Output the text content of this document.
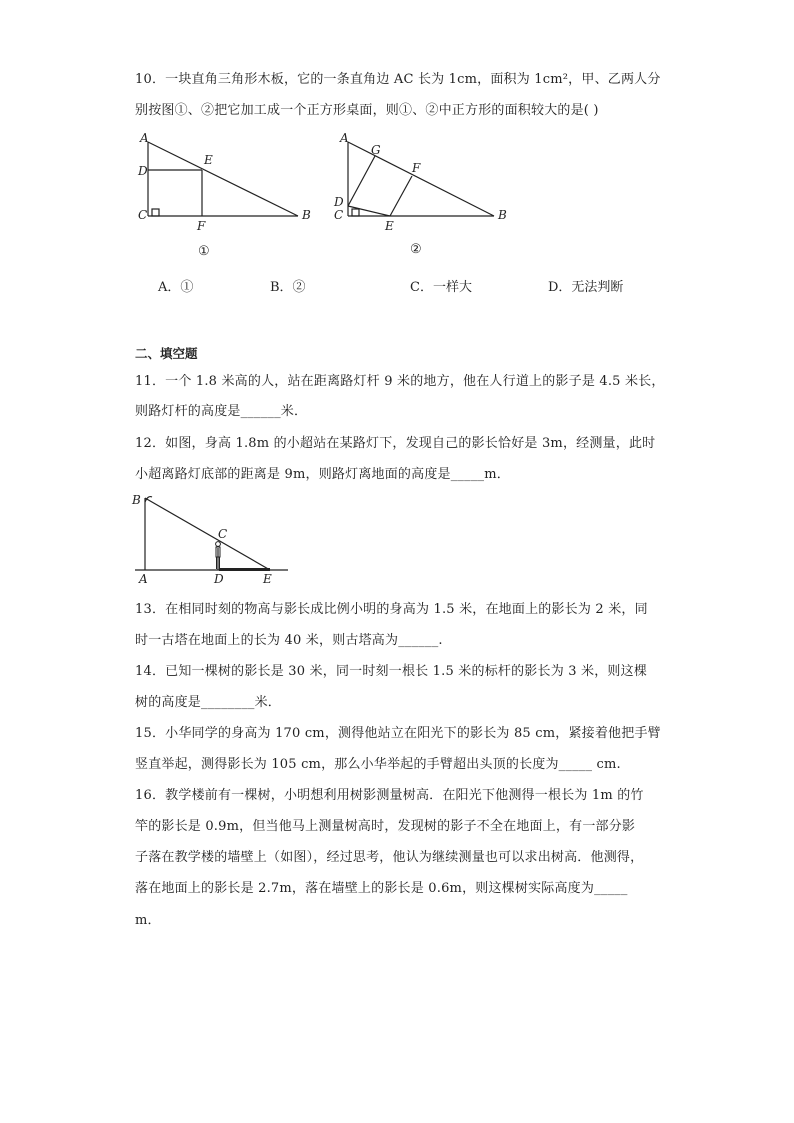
10．一块直角三角形木板，它的一条直角边 AC 长为 1cm，面积为 1cm²，甲、乙两人分
别按图①、②把它加工成一个正方形桌面，则①、②中正方形的面积较大的是( )
A
D
E
C
F
B
①
A
G
F
D
C
E
B
②
A．①	B．②	C．一样大	D．无法判断
二、填空题
11．一个 1.8 米高的人，站在距离路灯杆 9 米的地方，他在人行道上的影子是 4.5 米长，
则路灯杆的高度是______米．
12．如图，身高 1.8m 的小超站在某路灯下，发现自己的影长恰好是 3m，经测量，此时
小超离路灯底部的距离是 9m，则路灯离地面的高度是_____m．
B
C
A	D	E
13．在相同时刻的物高与影长成比例小明的身高为 1.5 米，在地面上的影长为 2 米，同
时一古塔在地面上的长为 40 米，则古塔高为______.
14．已知一棵树的影长是 30 米，同一时刻一根长 1.5 米的标杆的影长为 3 米，则这棵
树的高度是________米．
15．小华同学的身高为 170 cm，测得他站立在阳光下的影长为 85 cm，紧接着他把手臂
竖直举起，测得影长为 105 cm，那么小华举起的手臂超出头顶的长度为_____ cm.
16．教学楼前有一棵树，小明想利用树影测量树高．在阳光下他测得一根长为 1m 的竹
竿的影长是 0.9m，但当他马上测量树高时，发现树的影子不全在地面上，有一部分影
子落在教学楼的墙壁上（如图），经过思考，他认为继续测量也可以求出树高．他测得，
落在地面上的影长是 2.7m，落在墙壁上的影长是 0.6m，则这棵树实际高度为_____
m．
